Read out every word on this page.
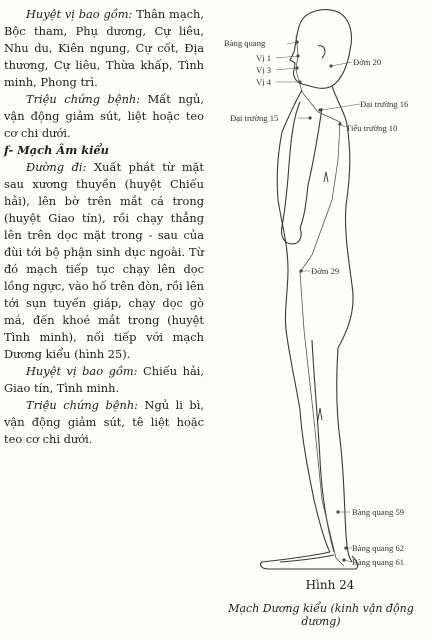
Huyệt vị bao gồm: Thân mạch, Bộc tham, Phụ dương, Cự liêu, Nhu du, Kiên ngung, Cự cốt, Địa thương, Cự liêu, Thừa khấp, Tình minh, Phong trì.

Triệu chứng bệnh: Mất ngủ, vận động giảm sút, liệt hoặc teo cơ chi dưới.

f- Mạch Âm kiểu

Đường đi: Xuất phát từ mặt sau xương thuyền (huyệt Chiếu hải), lên bờ trên mắt cá trong (huyệt Giao tín), rồi chạy thẳng lên trên dọc mặt trong - sau của đùi tới bộ phận sinh dục ngoài. Từ đó mạch tiếp tục chạy lên dọc lồng ngực, vào hố trên đòn, rồi lên tới sụn tuyến giáp, chạy dọc gò má, đến khoé mắt trong (huyệt Tình minh), nối tiếp với mạch Dương kiểu (hình 25).

Huyệt vị bao gồm: Chiếu hải, Giao tín, Tình minh.

Triệu chứng bệnh: Ngủ li bì, vận động giảm sút, tê liệt hoặc teo cơ chi dưới.

Bàng quang
Vị 1
Vị 3
Vị 4
Đởm 20
Đại trường 16
Đại trường 15
Tiểu trường 10
Đởm 29
Bàng quang 59
Bàng quang 62
Bàng quang 61
Hình 24
Mạch Dương kiểu (kinh vận động dương)
